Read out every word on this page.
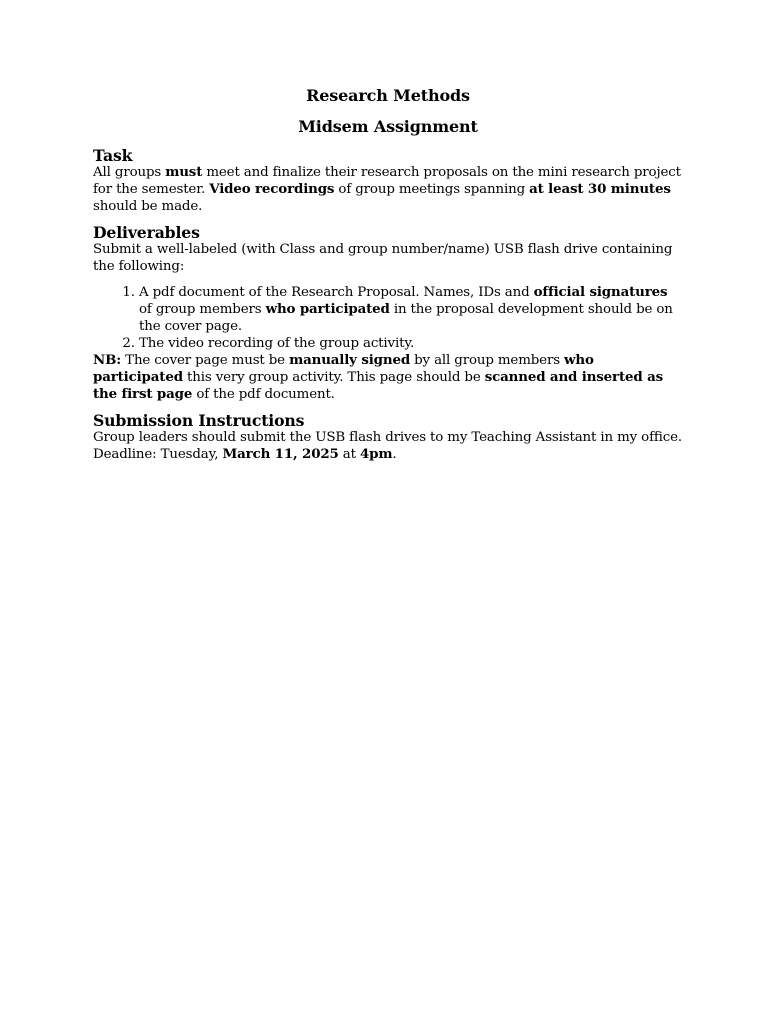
Research Methods
Midsem Assignment
Task

All groups must meet and finalize their research proposals on the mini research project for the semester. Video recordings of group meetings spanning at least 30 minutes should be made.

Deliverables

Submit a well-labeled (with Class and group number/name) USB flash drive containing the following:

1. A pdf document of the Research Proposal. Names, IDs and official signatures of group members who participated in the proposal development should be on the cover page.
2. The video recording of the group activity.

NB: The cover page must be manually signed by all group members who participated this very group activity. This page should be scanned and inserted as the first page of the pdf document.

Submission Instructions

Group leaders should submit the USB flash drives to my Teaching Assistant in my office.

Deadline: Tuesday, March 11, 2025 at 4pm.
